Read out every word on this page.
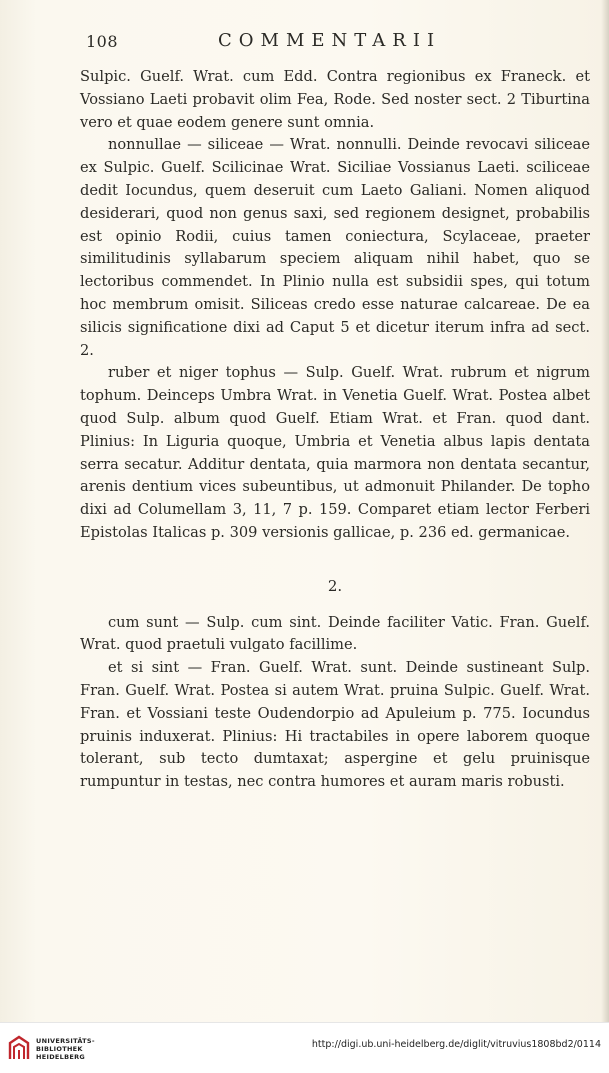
108	COMMENTARII

Sulpic. Guelf. Wrat. cum Edd. Contra regionibus ex Franeck. et Vossiano Laeti probavit olim Fea, Rode. Sed noster sect. 2 Tiburtina vero et quae eodem genere sunt omnia.

nonnullae — siliceae — Wrat. nonnulli. Deinde revocavi siliceae ex Sulpic. Guelf. Scilicinae Wrat. Siciliae Vossianus Laeti. sciliceae dedit Iocundus, quem deseruit cum Laeto Galiani. Nomen aliquod desiderari, quod non genus saxi, sed regionem designet, probabilis est opinio Rodii, cuius tamen coniectura, Scylaceae, praeter similitudinis syllabarum speciem aliquam nihil habet, quo se lectoribus commendet. In Plinio nulla est subsidii spes, qui totum hoc membrum omisit. Siliceas credo esse naturae calcareae. De ea silicis significatione dixi ad Caput 5 et dicetur iterum infra ad sect. 2.

ruber et niger tophus — Sulp. Guelf. Wrat. rubrum et nigrum tophum. Deinceps Umbra Wrat. in Venetia Guelf. Wrat. Postea albet quod Sulp. album quod Guelf. Etiam Wrat. et Fran. quod dant. Plinius: In Liguria quoque, Umbria et Venetia albus lapis dentata serra secatur. Additur dentata, quia marmora non dentata secantur, arenis dentium vices subeuntibus, ut admonuit Philander. De topho dixi ad Columellam 3, 11, 7 p. 159. Comparet etiam lector Ferberi Epistolas Italicas p. 309 versionis gallicae, p. 236 ed. germanicae.

2.

cum sunt — Sulp. cum sint. Deinde faciliter Vatic. Fran. Guelf. Wrat. quod praetuli vulgato facillime.

et si sint — Fran. Guelf. Wrat. sunt. Deinde sustineant Sulp. Fran. Guelf. Wrat. Postea si autem Wrat. pruina Sulpic. Guelf. Wrat. Fran. et Vossiani teste Oudendorpio ad Apuleium p. 775. Iocundus pruinis induxerat. Plinius: Hi tractabiles in opere laborem quoque tolerant, sub tecto dumtaxat; aspergine et gelu pruinisque rumpuntur in testas, nec contra humores et auram maris robusti.

UNIVERSITÄTS-
BIBLIOTHEK
HEIDELBERG
http://digi.ub.uni-heidelberg.de/diglit/vitruvius1808bd2/0114
